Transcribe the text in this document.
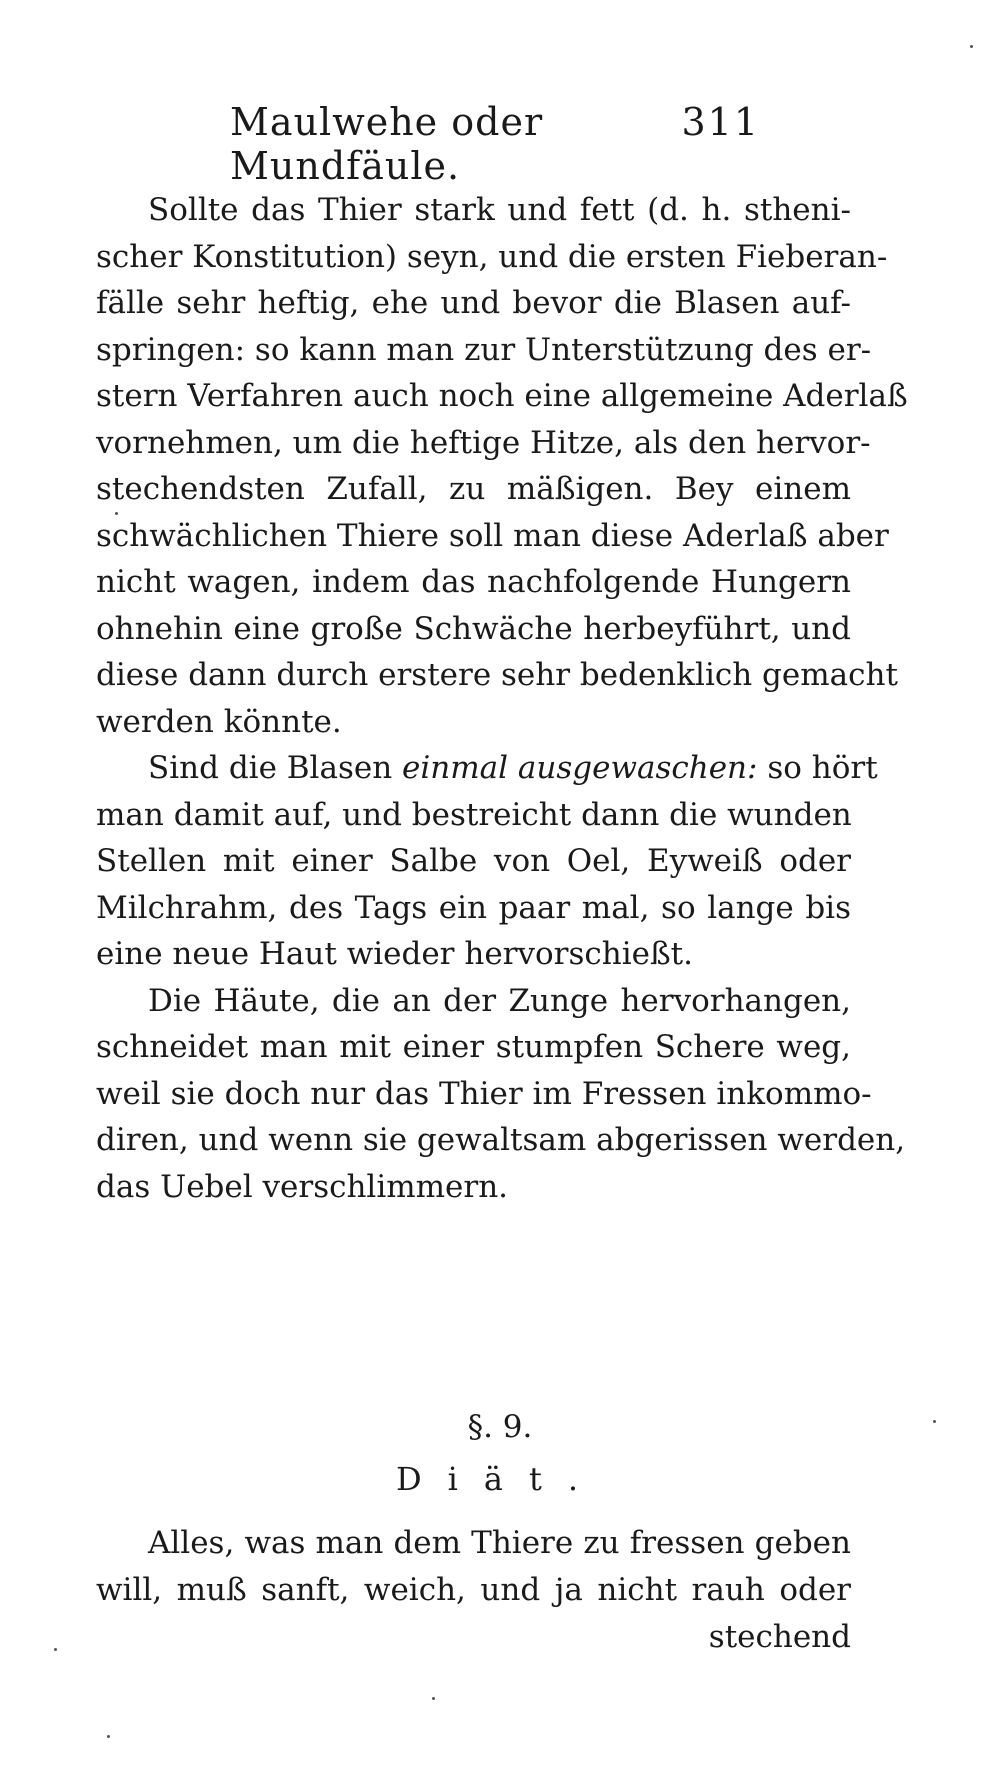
Maulwehe oder Mundfäule.
311
Sollte das Thier stark und fett (d. h. stheni-
scher Konstitution) seyn, und die ersten Fieberan-
fälle sehr heftig, ehe und bevor die Blasen auf-
springen: so kann man zur Unterstützung des er-
stern Verfahren auch noch eine allgemeine Aderlaß
vornehmen, um die heftige Hitze, als den hervor-
stechendsten Zufall, zu mäßigen. Bey einem
schwächlichen Thiere soll man diese Aderlaß aber
nicht wagen, indem das nachfolgende Hungern
ohnehin eine große Schwäche herbeyführt, und
diese dann durch erstere sehr bedenklich gemacht
werden könnte.
Sind die Blasen einmal ausgewaschen: so hört
man damit auf, und bestreicht dann die wunden
Stellen mit einer Salbe von Oel, Eyweiß oder
Milchrahm, des Tags ein paar mal, so lange bis
eine neue Haut wieder hervorschießt.
Die Häute, die an der Zunge hervorhangen,
schneidet man mit einer stumpfen Schere weg,
weil sie doch nur das Thier im Fressen inkommo-
diren, und wenn sie gewaltsam abgerissen werden,
das Uebel verschlimmern.
§. 9.
Diät.
Alles, was man dem Thiere zu fressen geben
will, muß sanft, weich, und ja nicht rauh oder
stechend
